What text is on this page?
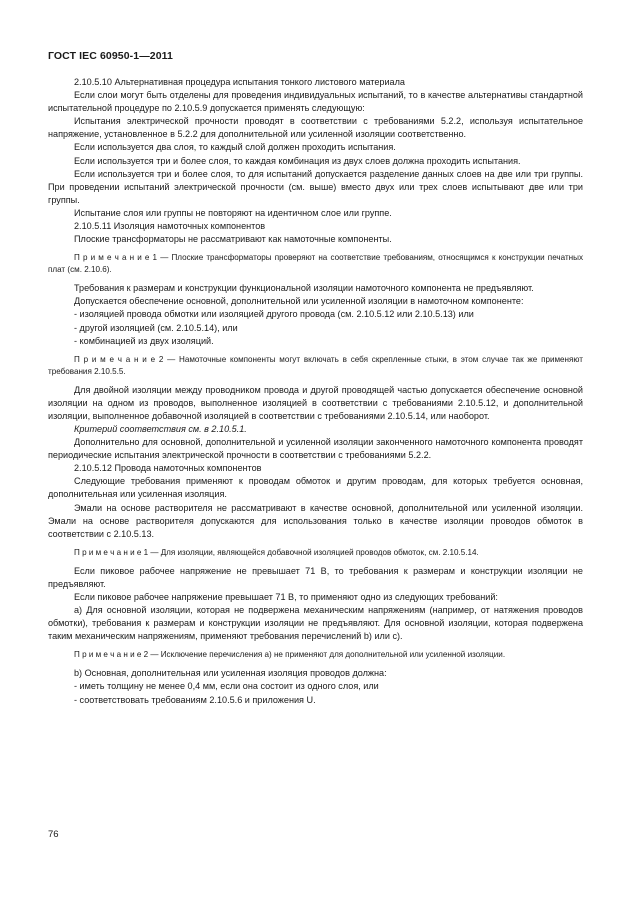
ГОСТ IEC 60950-1—2011

2.10.5.10 Альтернативная процедура испытания тонкого листового материала

Если слои могут быть отделены для проведения индивидуальных испытаний, то в качестве альтернативы стандартной испытательной процедуре по 2.10.5.9 допускается применять следующую:

Испытания электрической прочности проводят в соответствии с требованиями 5.2.2, используя испытательное напряжение, установленное в 5.2.2 для дополнительной или усиленной изоляции соответственно.

Если используется два слоя, то каждый слой должен проходить испытания.

Если используется три и более слоя, то каждая комбинация из двух слоев должна проходить испытания.

Если используется три и более слоя, то для испытаний допускается разделение данных слоев на две или три группы. При проведении испытаний электрической прочности (см. выше) вместо двух или трех слоев испытывают две или три группы.

Испытание слоя или группы не повторяют на идентичном слое или группе.

2.10.5.11 Изоляция намоточных компонентов

Плоские трансформаторы не рассматривают как намоточные компоненты.

П р и м е ч а н и е 1 — Плоские трансформаторы проверяют на соответствие требованиям, относящимся к конструкции печатных плат (см. 2.10.6).

Требования к размерам и конструкции функциональной изоляции намоточного компонента не предъявляют.

Допускается обеспечение основной, дополнительной или усиленной изоляции в намоточном компоненте:

- изоляцией провода обмотки или изоляцией другого провода (см. 2.10.5.12 или 2.10.5.13) или

- другой изоляцией (см. 2.10.5.14), или

- комбинацией из двух изоляций.

П р и м е ч а н и е 2 — Намоточные компоненты могут включать в себя скрепленные стыки, в этом случае так же применяют требования 2.10.5.5.

Для двойной изоляции между проводником провода и другой проводящей частью допускается обеспечение основной изоляции на одном из проводов, выполненное изоляцией в соответствии с требованиями 2.10.5.12, и дополнительной изоляции, выполненное добавочной изоляцией в соответствии с требованиями 2.10.5.14, или наоборот.

Критерий соответствия см. в 2.10.5.1.

Дополнительно для основной, дополнительной и усиленной изоляции законченного намоточного компонента проводят периодические испытания электрической прочности в соответствии с требованиями 5.2.2.

2.10.5.12 Провода намоточных компонентов

Следующие требования применяют к проводам обмоток и другим проводам, для которых требуется основная, дополнительная или усиленная изоляция.

Эмали на основе растворителя не рассматривают в качестве основной, дополнительной или усиленной изоляции. Эмали на основе растворителя допускаются для использования только в качестве изоляции проводов обмоток в соответствии с 2.10.5.13.

П р и м е ч а н и е 1 — Для изоляции, являющейся добавочной изоляцией проводов обмоток, см. 2.10.5.14.

Если пиковое рабочее напряжение не превышает 71 В, то требования к размерам и конструкции изоляции не предъявляют.

Если пиковое рабочее напряжение превышает 71 В, то применяют одно из следующих требований:

a) Для основной изоляции, которая не подвержена механическим напряжениям (например, от натяжения проводов обмотки), требования к размерам и конструкции изоляции не предъявляют. Для основной изоляции, которая подвержена таким механическим напряжениям, применяют требования перечислений b) или c).

П р и м е ч а н и е 2 — Исключение перечисления a) не применяют для дополнительной или усиленной изоляции.

b) Основная, дополнительная или усиленная изоляция проводов должна:

- иметь толщину не менее 0,4 мм, если она состоит из одного слоя, или

- соответствовать требованиям 2.10.5.6 и приложения U.

76
